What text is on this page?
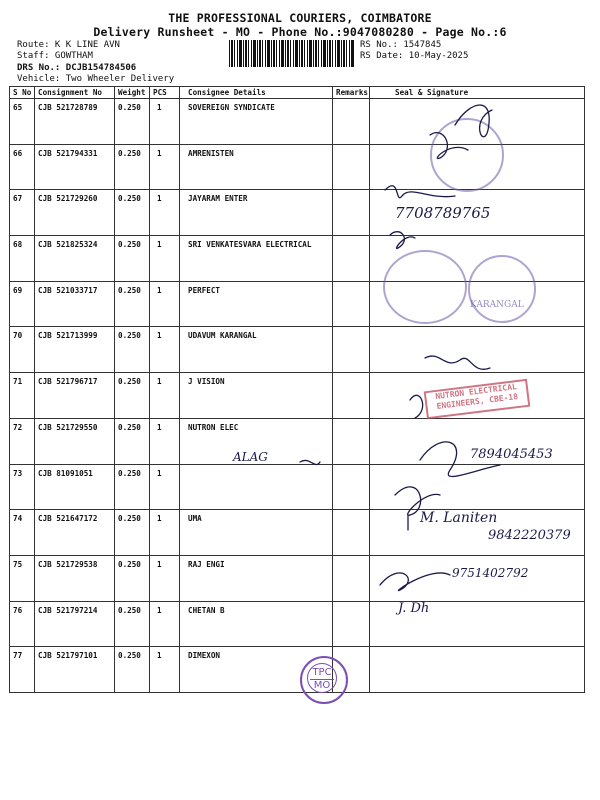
THE PROFESSIONAL COURIERS, COIMBATORE
Delivery Runsheet - MO - Phone No.:9047080280 - Page No.:6
Route: K K LINE AVN
Staff: GOWTHAM
DRS No.: DCJB154784506
Vehicle: Two Wheeler Delivery
RS No.: 1547845
RS Date: 10-May-2025
S No	Consignment No	Weight	PCS	Consignee Details	Remarks	Seal & Signature
65	CJB 521728789	0.250	1	SOVEREIGN SYNDICATE		
66	CJB 521794331	0.250	1	AMRENISTEN		
67	CJB 521729260	0.250	1	JAYARAM ENTER		
68	CJB 521825324	0.250	1	SRI VENKATESVARA ELECTRICAL		
69	CJB 521033717	0.250	1	PERFECT		
70	CJB 521713999	0.250	1	UDAVUM KARANGAL		
71	CJB 521796717	0.250	1	J VISION		
72	CJB 521729550	0.250	1	NUTRON ELEC		
73	CJB 81091051	0.250	1			
74	CJB 521647172	0.250	1	UMA		
75	CJB 521729538	0.250	1	RAJ ENGI		
76	CJB 521797214	0.250	1	CHETAN B		
77	CJB 521797101	0.250	1	DIMEXON		
7708789765
7894045453
ALAG
M. Laniten
9842220379
9751402792
J. Dh
NUTRON ELECTRICAL ENGINEERS, CBE-18
KARANGAL
TPC
MO
